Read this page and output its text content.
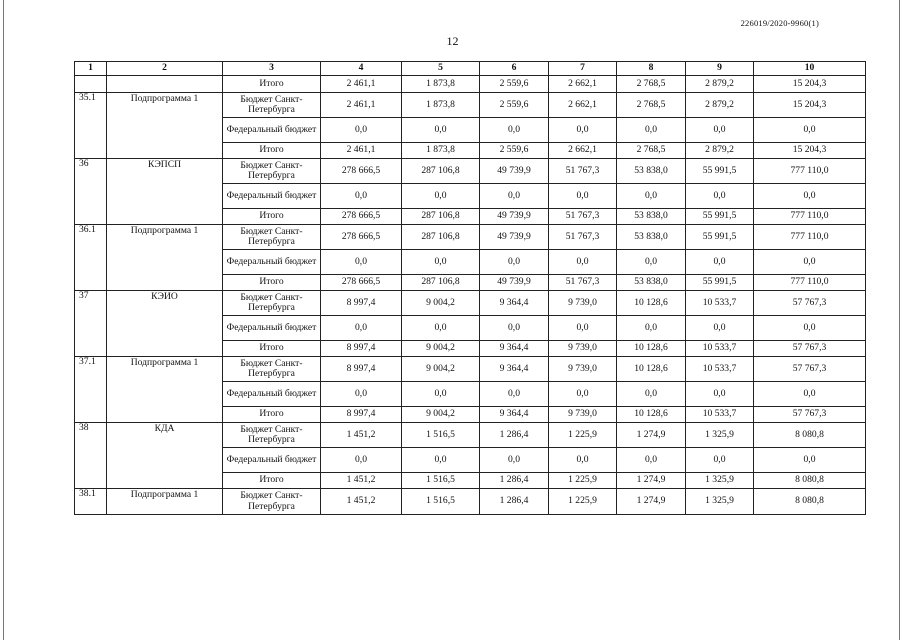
226019/2020-9960(1)
12
1	2	3	4	5	6	7	8	9	10
		Итого	2 461,1	1 873,8	2 559,6	2 662,1	2 768,5	2 879,2	15 204,3
35.1	Подпрограмма 1	Бюджет Санкт-Петербурга	2 461,1	1 873,8	2 559,6	2 662,1	2 768,5	2 879,2	15 204,3
		Федеральный бюджет	0,0	0,0	0,0	0,0	0,0	0,0	0,0
		Итого	2 461,1	1 873,8	2 559,6	2 662,1	2 768,5	2 879,2	15 204,3
36	КЭПСП	Бюджет Санкт-Петербурга	278 666,5	287 106,8	49 739,9	51 767,3	53 838,0	55 991,5	777 110,0
		Федеральный бюджет	0,0	0,0	0,0	0,0	0,0	0,0	0,0
		Итого	278 666,5	287 106,8	49 739,9	51 767,3	53 838,0	55 991,5	777 110,0
36.1	Подпрограмма 1	Бюджет Санкт-Петербурга	278 666,5	287 106,8	49 739,9	51 767,3	53 838,0	55 991,5	777 110,0
		Федеральный бюджет	0,0	0,0	0,0	0,0	0,0	0,0	0,0
		Итого	278 666,5	287 106,8	49 739,9	51 767,3	53 838,0	55 991,5	777 110,0
37	КЭИО	Бюджет Санкт-Петербурга	8 997,4	9 004,2	9 364,4	9 739,0	10 128,6	10 533,7	57 767,3
		Федеральный бюджет	0,0	0,0	0,0	0,0	0,0	0,0	0,0
		Итого	8 997,4	9 004,2	9 364,4	9 739,0	10 128,6	10 533,7	57 767,3
37.1	Подпрограмма 1	Бюджет Санкт-Петербурга	8 997,4	9 004,2	9 364,4	9 739,0	10 128,6	10 533,7	57 767,3
		Федеральный бюджет	0,0	0,0	0,0	0,0	0,0	0,0	0,0
		Итого	8 997,4	9 004,2	9 364,4	9 739,0	10 128,6	10 533,7	57 767,3
38	КДА	Бюджет Санкт-Петербурга	1 451,2	1 516,5	1 286,4	1 225,9	1 274,9	1 325,9	8 080,8
		Федеральный бюджет	0,0	0,0	0,0	0,0	0,0	0,0	0,0
		Итого	1 451,2	1 516,5	1 286,4	1 225,9	1 274,9	1 325,9	8 080,8
38.1	Подпрограмма 1	Бюджет Санкт-Петербурга	1 451,2	1 516,5	1 286,4	1 225,9	1 274,9	1 325,9	8 080,8
